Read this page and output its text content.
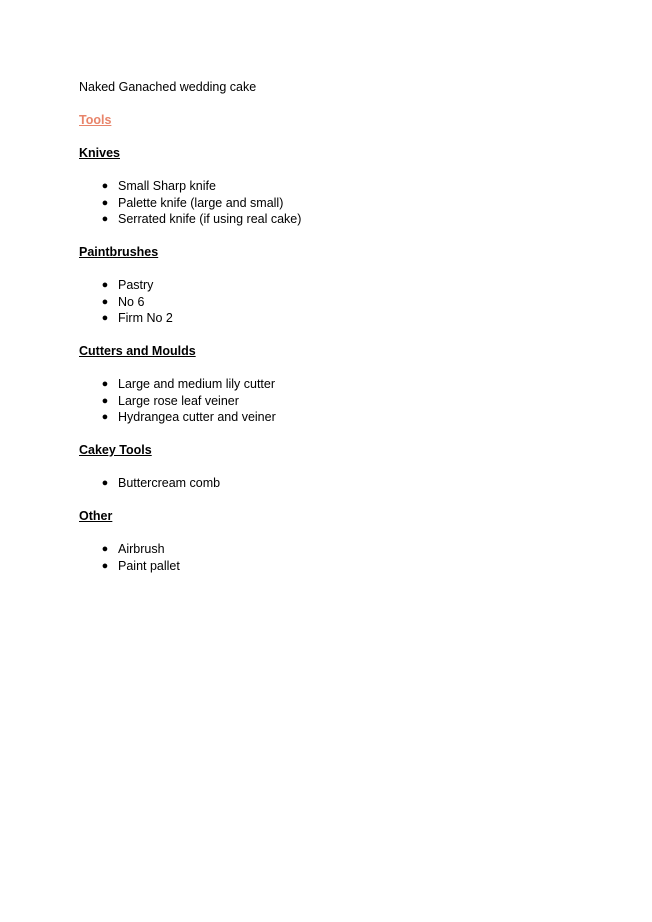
Naked Ganached wedding cake
Tools
Knives
● Small Sharp knife
● Palette knife (large and small)
● Serrated knife (if using real cake)
Paintbrushes
● Pastry
● No 6
● Firm No 2
Cutters and Moulds
● Large and medium lily cutter
● Large rose leaf veiner
● Hydrangea cutter and veiner
Cakey Tools
● Buttercream comb
Other
● Airbrush
● Paint pallet
